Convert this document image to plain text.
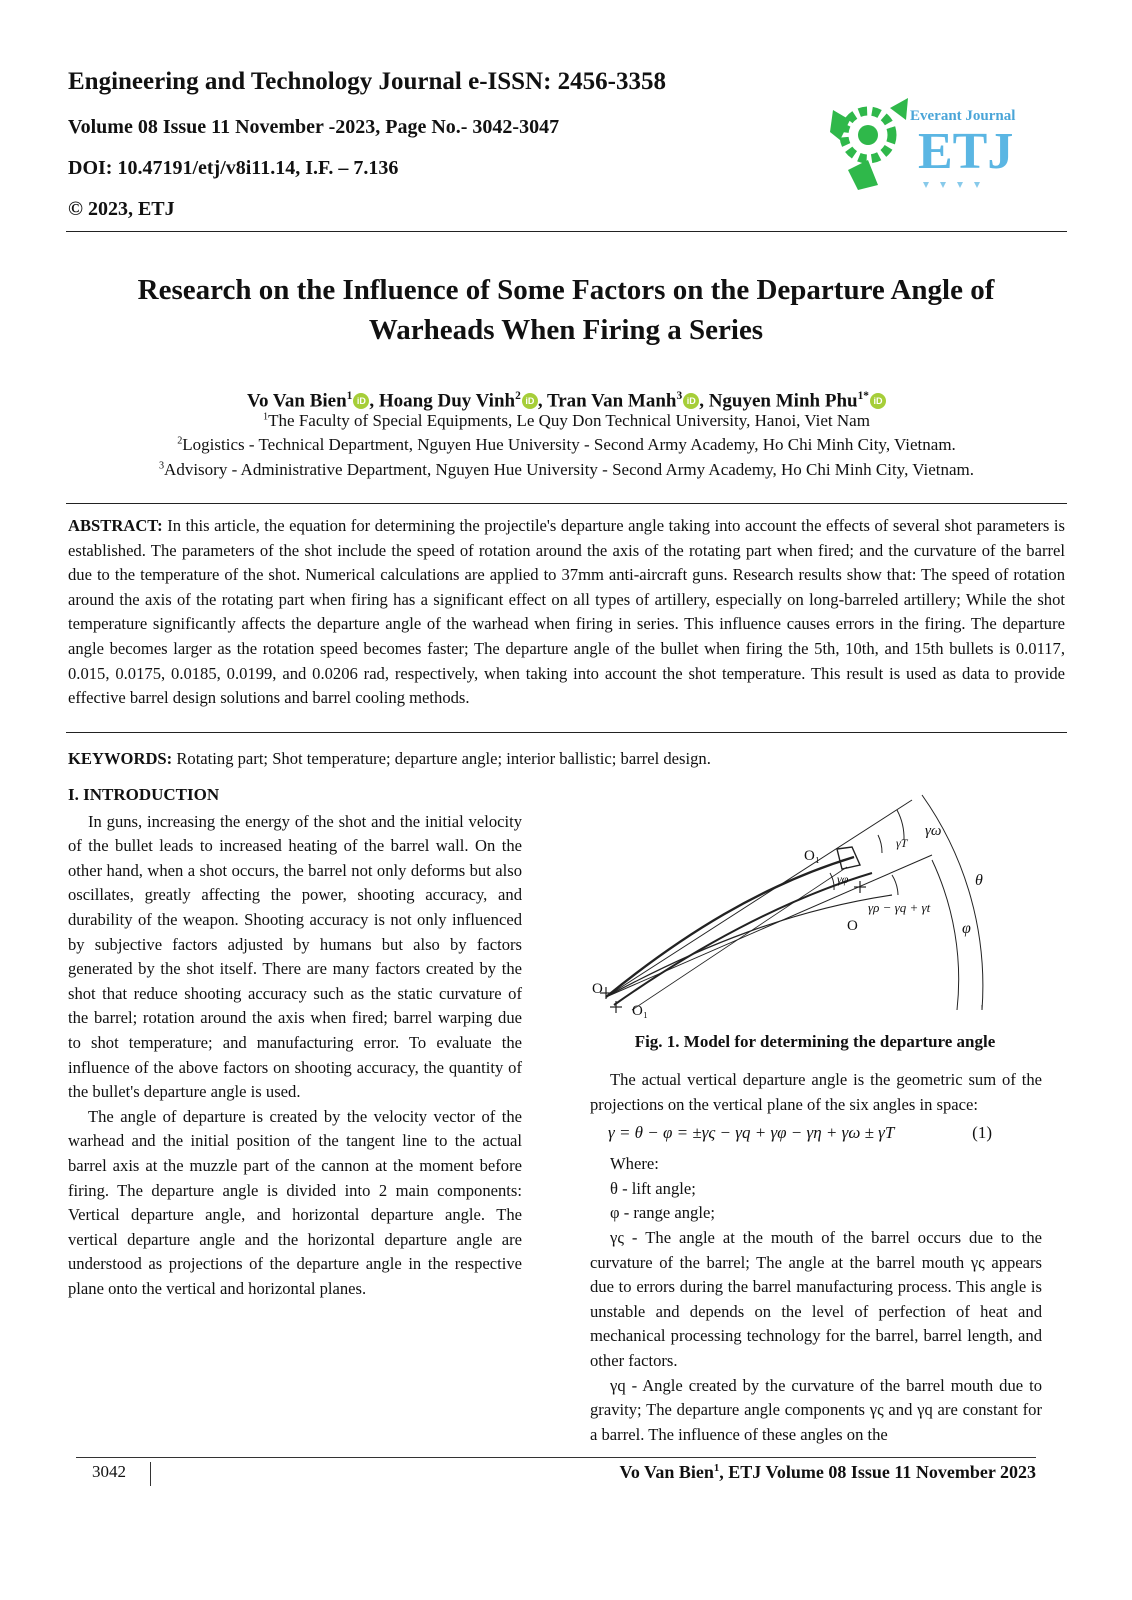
Engineering and Technology Journal e-ISSN: 2456-3358
Volume 08 Issue 11 November -2023, Page No.- 3042-3047
DOI: 10.47191/etj/v8i11.14, I.F. – 7.136
© 2023, ETJ
Everant Journal
ETJ
Research on the Influence of Some Factors on the Departure Angle of
Warheads When Firing a Series
Vo Van Bien$^1$ iD , Hoang Duy Vinh$^2$ iD , Tran Van Manh$^3$ iD , Nguyen Minh Phu$^{1*}$ iD
$^1$The Faculty of Special Equipments, Le Quy Don Technical University, Hanoi, Viet Nam
$^2$Logistics - Technical Department, Nguyen Hue University - Second Army Academy, Ho Chi Minh City, Vietnam.
$^3$Advisory - Administrative Department, Nguyen Hue University - Second Army Academy, Ho Chi Minh City, Vietnam.

ABSTRACT: In this article, the equation for determining the projectile's departure angle taking into account the effects of several shot parameters is established. The parameters of the shot include the speed of rotation around the axis of the rotating part when fired; and the curvature of the barrel due to the temperature of the shot. Numerical calculations are applied to 37mm anti-aircraft guns. Research results show that: The speed of rotation around the axis of the rotating part when firing has a significant effect on all types of artillery, especially on long-barreled artillery; While the shot temperature significantly affects the departure angle of the warhead when firing in series. This influence causes errors in the firing. The departure angle becomes larger as the rotation speed becomes faster; The departure angle of the bullet when firing the 5th, 10th, and 15th bullets is 0.0117, 0.015, 0.0175, 0.0185, 0.0199, and 0.0206 rad, respectively, when taking into account the shot temperature. This result is used as data to provide effective barrel design solutions and barrel cooling methods.

KEYWORDS: Rotating part; Shot temperature; departure angle; interior ballistic; barrel design.

I. INTRODUCTION

In guns, increasing the energy of the shot and the initial velocity of the bullet leads to increased heating of the barrel wall. On the other hand, when a shot occurs, the barrel not only deforms but also oscillates, greatly affecting the power, shooting accuracy, and durability of the weapon. Shooting accuracy is not only influenced by subjective factors adjusted by humans but also by factors generated by the shot itself. There are many factors created by the shot that reduce shooting accuracy such as the static curvature of the barrel; rotation around the axis when fired; barrel warping due to shot temperature; and manufacturing error. To evaluate the influence of the above factors on shooting accuracy, the quantity of the bullet's departure angle is used.

The angle of departure is created by the velocity vector of the warhead and the initial position of the tangent line to the actual barrel axis at the muzzle part of the cannon at the moment before firing. The departure angle is divided into 2 main components: Vertical departure angle, and horizontal departure angle. The vertical departure angle and the horizontal departure angle are understood as projections of the departure angle in the respective plane onto the vertical and horizontal planes.

O₁
O
O
O₁
γω
γT
γφ
γρ − γq + γt
θ
φ
Fig. 1. Model for determining the departure angle

The actual vertical departure angle is the geometric sum of the projections on the vertical plane of the six angles in space:

Where:

θ - lift angle;

φ - range angle;

γς - The angle at the mouth of the barrel occurs due to the curvature of the barrel; The angle at the barrel mouth γς appears due to errors during the barrel manufacturing process. This angle is unstable and depends on the level of perfection of heat and mechanical processing technology for the barrel, barrel length, and other factors.

γq - Angle created by the curvature of the barrel mouth due to gravity; The departure angle components γς and γq are constant for a barrel. The influence of these angles on the

γ = θ − φ = ±γς − γq + γφ − γη + γω ± γT	(1)
3042	Vo Van Bien$^1$, ETJ Volume 08 Issue 11 November 2023
